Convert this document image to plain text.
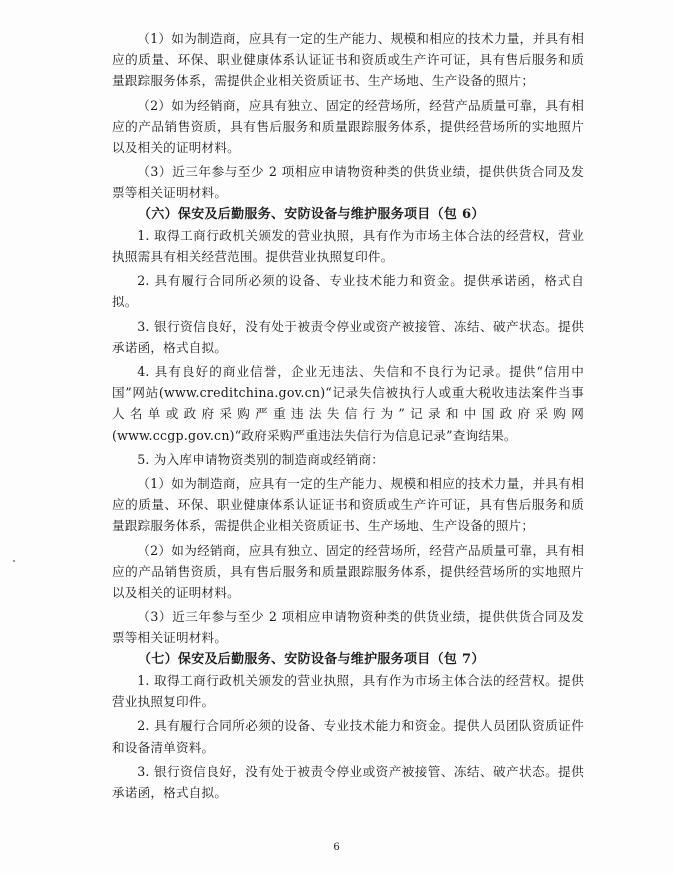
（1）如为制造商，应具有一定的生产能力、规模和相应的技术力量，并具有相应的质量、环保、职业健康体系认证证书和资质或生产许可证，具有售后服务和质量跟踪服务体系，需提供企业相关资质证书、生产场地、生产设备的照片；

（2）如为经销商，应具有独立、固定的经营场所，经营产品质量可靠，具有相应的产品销售资质，具有售后服务和质量跟踪服务体系，提供经营场所的实地照片以及相关的证明材料。

（3）近三年参与至少 2 项相应申请物资种类的供货业绩，提供供货合同及发票等相关证明材料。

（六）保安及后勤服务、安防设备与维护服务项目（包 6）

1. 取得工商行政机关颁发的营业执照，具有作为市场主体合法的经营权，营业执照需具有相关经营范围。提供营业执照复印件。

2. 具有履行合同所必须的设备、专业技术能力和资金。提供承诺函，格式自拟。

3. 银行资信良好，没有处于被责令停业或资产被接管、冻结、破产状态。提供承诺函，格式自拟。

4. 具有良好的商业信誉，企业无违法、失信和不良行为记录。提供“信用中国”网站(www.creditchina.gov.cn)“记录失信被执行人或重大税收违法案件当事人名单或政府采购严重违法失信行为”记录和中国政府采购网(www.ccgp.gov.cn)“政府采购严重违法失信行为信息记录”查询结果。

5. 为入库申请物资类别的制造商或经销商：

（1）如为制造商，应具有一定的生产能力、规模和相应的技术力量，并具有相应的质量、环保、职业健康体系认证证书和资质或生产许可证，具有售后服务和质量跟踪服务体系，需提供企业相关资质证书、生产场地、生产设备的照片；

（2）如为经销商，应具有独立、固定的经营场所，经营产品质量可靠，具有相应的产品销售资质，具有售后服务和质量跟踪服务体系，提供经营场所的实地照片以及相关的证明材料。

（3）近三年参与至少 2 项相应申请物资种类的供货业绩，提供供货合同及发票等相关证明材料。

（七）保安及后勤服务、安防设备与维护服务项目（包 7）

1. 取得工商行政机关颁发的营业执照，具有作为市场主体合法的经营权。提供营业执照复印件。

2. 具有履行合同所必须的设备、专业技术能力和资金。提供人员团队资质证件和设备清单资料。

3. 银行资信良好，没有处于被责令停业或资产被接管、冻结、破产状态。提供承诺函，格式自拟。

6
